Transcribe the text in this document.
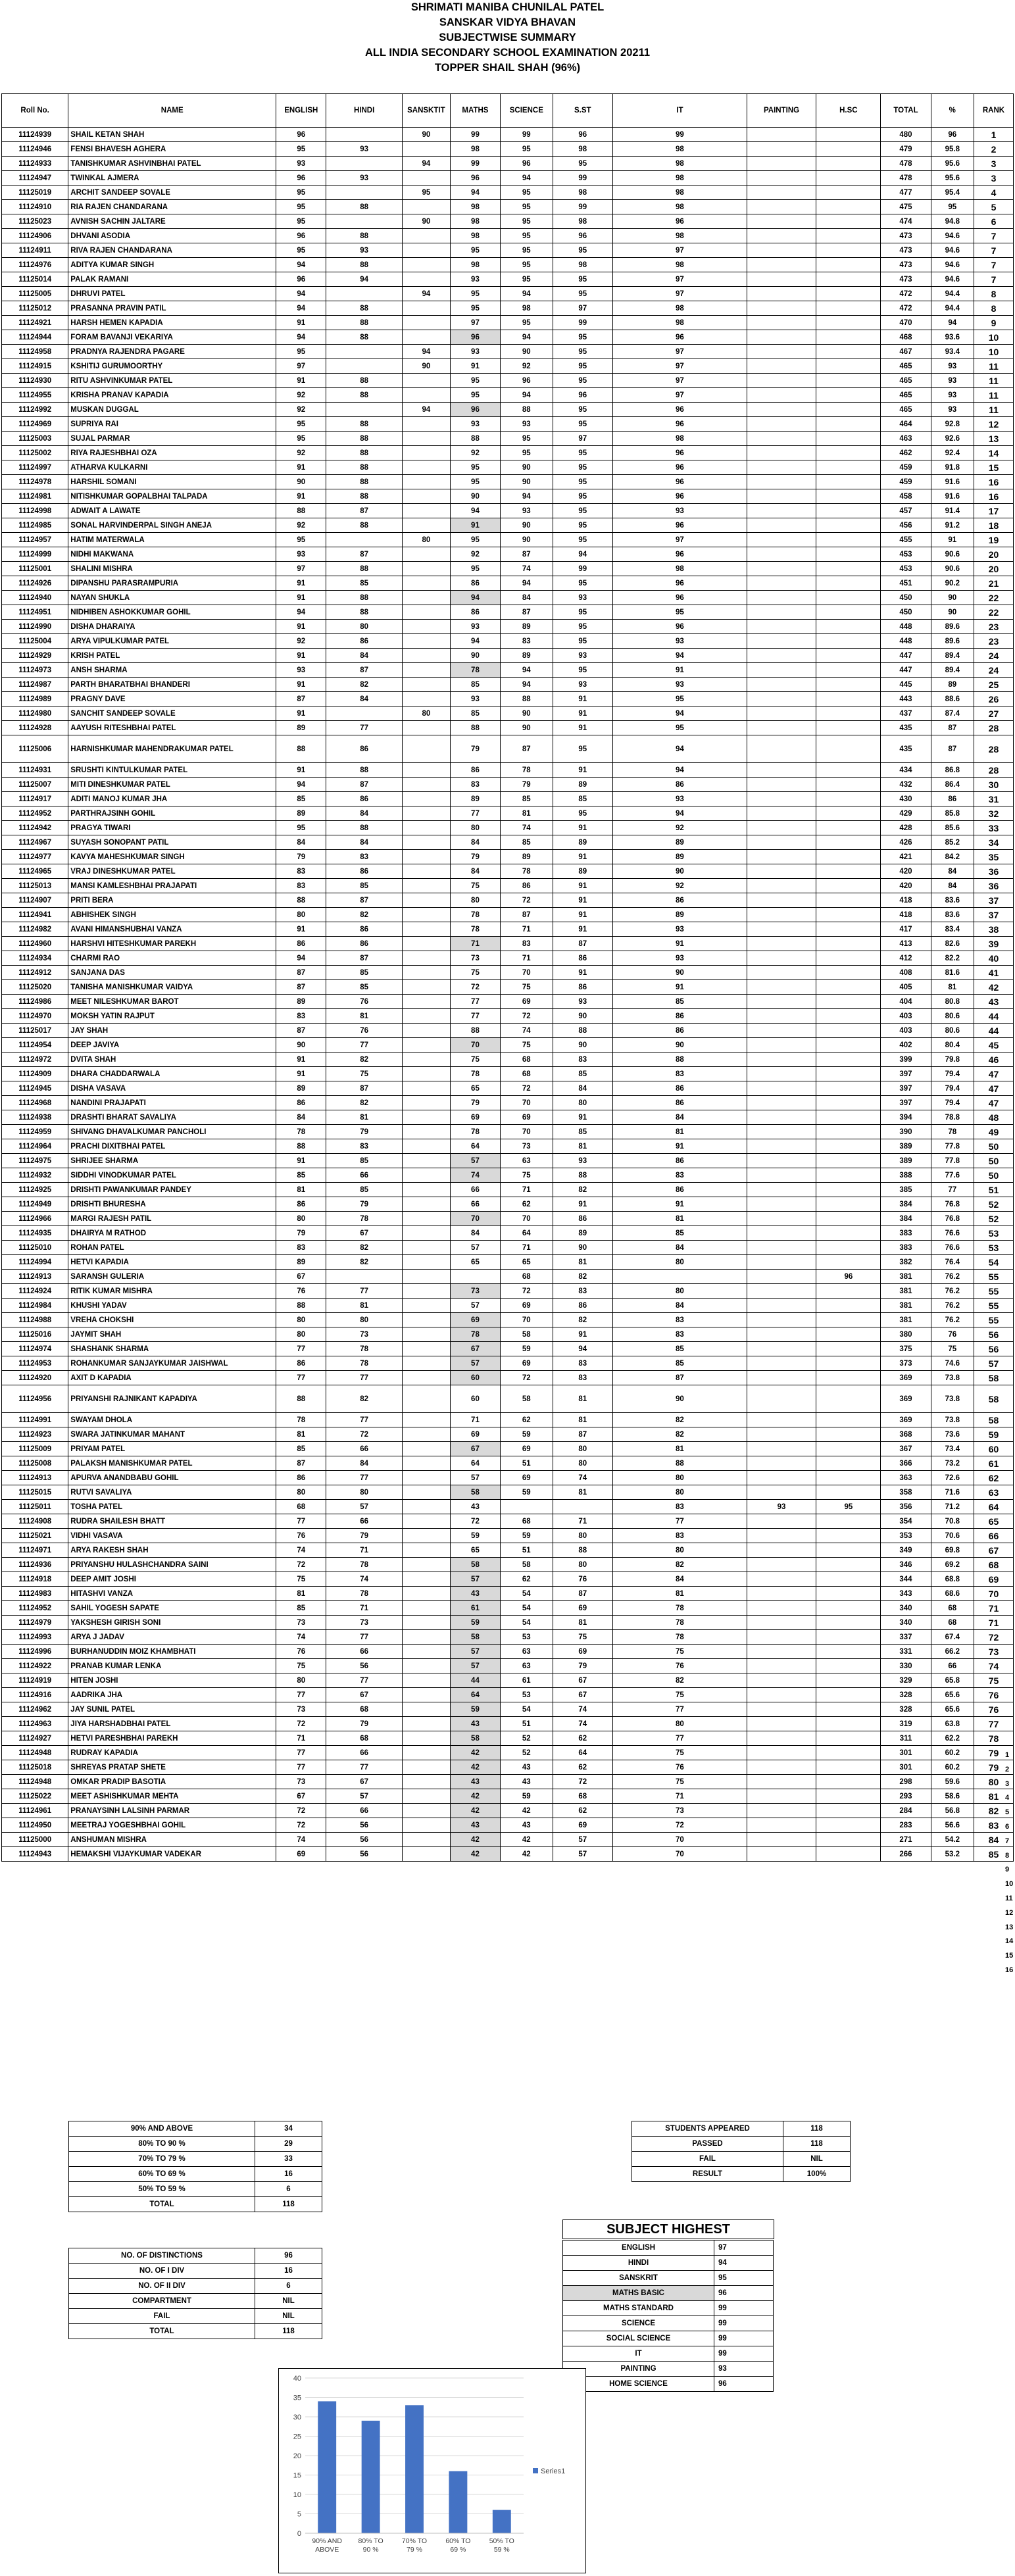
SHRIMATI MANIBA CHUNILAL PATEL
SANSKAR VIDYA BHAVAN
SUBJECTWISE SUMMARY
ALL INDIA SECONDARY SCHOOL EXAMINATION 20211
TOPPER SHAIL SHAH (96%)
Roll No.	NAME	ENGLISH	HINDI	SANSKTIT	MATHS	SCIENCE	S.ST	IT	PAINTING	H.SC	TOTAL	%	RANK
11124939	SHAIL KETAN SHAH	96		90	99	99	96	99			480	96	1
11124946	FENSI BHAVESH AGHERA	95	93		98	95	98	98			479	95.8	2
11124933	TANISHKUMAR ASHVINBHAI PATEL	93		94	99	96	95	98			478	95.6	3
11124947	TWINKAL AJMERA	96	93		96	94	99	98			478	95.6	3
11125019	ARCHIT SANDEEP SOVALE	95		95	94	95	98	98			477	95.4	4
11124910	RIA RAJEN CHANDARANA	95	88		98	95	99	98			475	95	5
11125023	AVNISH SACHIN JALTARE	95		90	98	95	98	96			474	94.8	6
11124906	DHVANI ASODIA	96	88		98	95	96	98			473	94.6	7
11124911	RIVA RAJEN CHANDARANA	95	93		95	95	95	97			473	94.6	7
11124976	ADITYA KUMAR SINGH	94	88		98	95	98	98			473	94.6	7
11125014	PALAK RAMANI	96	94		93	95	95	97			473	94.6	7
11125005	DHRUVI PATEL	94		94	95	94	95	97			472	94.4	8
11125012	PRASANNA PRAVIN PATIL	94	88		95	98	97	98			472	94.4	8
11124921	HARSH HEMEN KAPADIA	91	88		97	95	99	98			470	94	9
11124944	FORAM BAVANJI VEKARIYA	94	88		96	94	95	96			468	93.6	10
11124958	PRADNYA RAJENDRA PAGARE	95		94	93	90	95	97			467	93.4	10
11124915	KSHITIJ GURUMOORTHY	97		90	91	92	95	97			465	93	11
11124930	RITU ASHVINKUMAR PATEL	91	88		95	96	95	97			465	93	11
11124955	KRISHA PRANAV KAPADIA	92	88		95	94	96	97			465	93	11
11124992	MUSKAN DUGGAL	92		94	96	88	95	96			465	93	11
11124969	SUPRIYA RAI	95	88		93	93	95	96			464	92.8	12
11125003	SUJAL PARMAR	95	88		88	95	97	98			463	92.6	13
11125002	RIYA RAJESHBHAI OZA	92	88		92	95	95	96			462	92.4	14
11124997	ATHARVA KULKARNI	91	88		95	90	95	96			459	91.8	15
11124978	HARSHIL SOMANI	90	88		95	90	95	96			459	91.6	16
11124981	NITISHKUMAR GOPALBHAI TALPADA	91	88		90	94	95	96			458	91.6	16
11124998	ADWAIT A LAWATE	88	87		94	93	95	93			457	91.4	17
11124985	SONAL HARVINDERPAL SINGH ANEJA	92	88		91	90	95	96			456	91.2	18
11124957	HATIM MATERWALA	95		80	95	90	95	97			455	91	19
11124999	NIDHI MAKWANA	93	87		92	87	94	96			453	90.6	20
11125001	SHALINI MISHRA	97	88		95	74	99	98			453	90.6	20
11124926	DIPANSHU PARASRAMPURIA	91	85		86	94	95	96			451	90.2	21
11124940	NAYAN SHUKLA	91	88		94	84	93	96			450	90	22
11124951	NIDHIBEN ASHOKKUMAR GOHIL	94	88		86	87	95	95			450	90	22
11124990	DISHA DHARAIYA	91	80		93	89	95	96			448	89.6	23
11125004	ARYA VIPULKUMAR PATEL	92	86		94	83	95	93			448	89.6	23
11124929	KRISH PATEL	91	84		90	89	93	94			447	89.4	24
11124973	ANSH SHARMA	93	87		78	94	95	91			447	89.4	24
11124987	PARTH BHARATBHAI BHANDERI	91	82		85	94	93	93			445	89	25
11124989	PRAGNY DAVE	87	84		93	88	91	95			443	88.6	26
11124980	SANCHIT SANDEEP SOVALE	91		80	85	90	91	94			437	87.4	27
11124928	AAYUSH RITESHBHAI PATEL	89	77		88	90	91	95			435	87	28
11125006	HARNISHKUMAR MAHENDRAKUMAR PATEL	88	86		79	87	95	94			435	87	28
11124931	SRUSHTI KINTULKUMAR PATEL	91	88		86	78	91	94			434	86.8	28
11125007	MITI DINESHKUMAR PATEL	94	87		83	79	89	86			432	86.4	30
11124917	ADITI MANOJ KUMAR JHA	85	86		89	85	85	93			430	86	31
11124952	PARTHRAJSINH GOHIL	89	84		77	81	95	94			429	85.8	32
11124942	PRAGYA TIWARI	95	88		80	74	91	92			428	85.6	33
11124967	SUYASH SONOPANT PATIL	84	84		84	85	89	89			426	85.2	34
11124977	KAVYA MAHESHKUMAR SINGH	79	83		79	89	91	89			421	84.2	35
11124965	VRAJ DINESHKUMAR PATEL	83	86		84	78	89	90			420	84	36
11125013	MANSI KAMLESHBHAI PRAJAPATI	83	85		75	86	91	92			420	84	36
11124907	PRITI BERA	88	87		80	72	91	86			418	83.6	37
11124941	ABHISHEK SINGH	80	82		78	87	91	89			418	83.6	37
11124982	AVANI HIMANSHUBHAI VANZA	91	86		78	71	91	93			417	83.4	38
11124960	HARSHVI HITESHKUMAR PAREKH	86	86		71	83	87	91			413	82.6	39
11124934	CHARMI RAO	94	87		73	71	86	93			412	82.2	40
11124912	SANJANA DAS	87	85		75	70	91	90			408	81.6	41
11125020	TANISHA MANISHKUMAR VAIDYA	87	85		72	75	86	91			405	81	42
11124986	MEET NILESHKUMAR BAROT	89	76		77	69	93	85			404	80.8	43
11124970	MOKSH YATIN RAJPUT	83	81		77	72	90	86			403	80.6	44
11125017	JAY SHAH	87	76		88	74	88	86			403	80.6	44
11124954	DEEP JAVIYA	90	77		70	75	90	90			402	80.4	45
11124972	DVITA SHAH	91	82		75	68	83	88			399	79.8	46
11124909	DHARA CHADDARWALA	91	75		78	68	85	83			397	79.4	47
11124945	DISHA VASAVA	89	87		65	72	84	86			397	79.4	47
11124968	NANDINI PRAJAPATI	86	82		79	70	80	86			397	79.4	47
11124938	DRASHTI BHARAT SAVALIYA	84	81		69	69	91	84			394	78.8	48
11124959	SHIVANG DHAVALKUMAR PANCHOLI	78	79		78	70	85	81			390	78	49
11124964	PRACHI DIXITBHAI PATEL	88	83		64	73	81	91			389	77.8	50
11124975	SHRIJEE SHARMA	91	85		57	63	93	86			389	77.8	50
11124932	SIDDHI VINODKUMAR PATEL	85	66		74	75	88	83			388	77.6	50
11124925	DRISHTI PAWANKUMAR PANDEY	81	85		66	71	82	86			385	77	51
11124949	DRISHTI BHURESHA	86	79		66	62	91	91			384	76.8	52
11124966	MARGI RAJESH PATIL	80	78		70	70	86	81			384	76.8	52
11124935	DHAIRYA M RATHOD	79	67		84	64	89	85			383	76.6	53
11125010	ROHAN PATEL	83	82		57	71	90	84			383	76.6	53
11124994	HETVI KAPADIA	89	82		65	65	81	80			382	76.4	54
11124913	SARANSH GULERIA	67				68	82			96	381	76.2	55
11124924	RITIK KUMAR MISHRA	76	77		73	72	83	80			381	76.2	55
11124984	KHUSHI YADAV	88	81		57	69	86	84			381	76.2	55
11124988	VREHA CHOKSHI	80	80		69	70	82	83			381	76.2	55
11125016	JAYMIT SHAH	80	73		78	58	91	83			380	76	56
11124974	SHASHANK SHARMA	77	78		67	59	94	85			375	75	56
11124953	ROHANKUMAR SANJAYKUMAR JAISHWAL	86	78		57	69	83	85			373	74.6	57
11124920	AXIT D KAPADIA	77	77		60	72	83	87			369	73.8	58
11124956	PRIYANSHI RAJNIKANT KAPADIYA	88	82		60	58	81	90			369	73.8	58
11124991	SWAYAM DHOLA	78	77		71	62	81	82			369	73.8	58
11124923	SWARA JATINKUMAR MAHANT	81	72		69	59	87	82			368	73.6	59
11125009	PRIYAM PATEL	85	66		67	69	80	81			367	73.4	60
11125008	PALAKSH MANISHKUMAR PATEL	87	84		64	51	80	88			366	73.2	61
11124913	APURVA ANANDBABU GOHIL	86	77		57	69	74	80			363	72.6	62
11125015	RUTVI SAVALIYA	80	80		58	59	81	80			358	71.6	63
11125011	TOSHA PATEL	68	57		43			83	93	95	356	71.2	64
11124908	RUDRA SHAILESH BHATT	77	66		72	68	71	77			354	70.8	65
11125021	VIDHI VASAVA	76	79		59	59	80	83			353	70.6	66
11124971	ARYA RAKESH SHAH	74	71		65	51	88	80			349	69.8	67
11124936	PRIYANSHU HULASHCHANDRA SAINI	72	78		58	58	80	82			346	69.2	68
11124918	DEEP AMIT JOSHI	75	74		57	62	76	84			344	68.8	69
11124983	HITASHVI VANZA	81	78		43	54	87	81			343	68.6	70
11124952	SAHIL YOGESH SAPATE	85	71		61	54	69	78			340	68	71
11124979	YAKSHESH GIRISH SONI	73	73		59	54	81	78			340	68	71
11124993	ARYA J JADAV	74	77		58	53	75	78			337	67.4	72
11124996	BURHANUDDIN MOIZ KHAMBHATI	76	66		57	63	69	75			331	66.2	73
11124922	PRANAB KUMAR LENKA	75	56		57	63	79	76			330	66	74
11124919	HITEN JOSHI	80	77		44	61	67	82			329	65.8	75
11124916	AADRIKA JHA	77	67		64	53	67	75			328	65.6	76
11124962	JAY SUNIL PATEL	73	68		59	54	74	77			328	65.6	76
11124963	JIYA HARSHADBHAI PATEL	72	79		43	51	74	80			319	63.8	77
11124927	HETVI PARESHBHAI PAREKH	71	68		58	52	62	77			311	62.2	78
11124948	RUDRAY KAPADIA	77	66		42	52	64	75			301	60.2	79
11125018	SHREYAS PRATAP SHETE	77	77		42	43	62	76			301	60.2	79
11124948	OMKAR PRADIP BASOTIA	73	67		43	43	72	75			298	59.6	80
11125022	MEET ASHISHKUMAR MEHTA	67	57		42	59	68	71			293	58.6	81
11124961	PRANAYSINH LALSINH PARMAR	72	66		42	42	62	73			284	56.8	82
11124950	MEETRAJ YOGESHBHAI GOHIL	72	56		43	43	69	72			283	56.6	83
11125000	ANSHUMAN MISHRA	74	56		42	42	57	70			271	54.2	84
11124943	HEMAKSHI VIJAYKUMAR VADEKAR	69	56		42	42	57	70			266	53.2	85
1
2
3
4
5
6
7
8
9
10
11
12
13
14
15
16
90% AND ABOVE	34
80% TO 90 %	29
70% TO 79 %	33
60% TO 69 %	16
50% TO 59 %	6
TOTAL	118
STUDENTS APPEARED	118
PASSED	118
FAIL	NIL
RESULT	100%
NO. OF DISTINCTIONS	96
NO. OF I DIV	16
NO. OF II DIV	6
COMPARTMENT	NIL
FAIL	NIL
TOTAL	118
SUBJECT HIGHEST
ENGLISH	97
HINDI	94
SANSKRIT	95
MATHS BASIC	96
MATHS STANDARD	99
SCIENCE	99
SOCIAL SCIENCE	99
IT	99
PAINTING	93
HOME SCIENCE	96
0
5
10
15
20
25
30
35
40
90% AND
ABOVE
80% TO
90 %
70% TO
79 %
60% TO
69 %
50% TO
59 %
Series1
